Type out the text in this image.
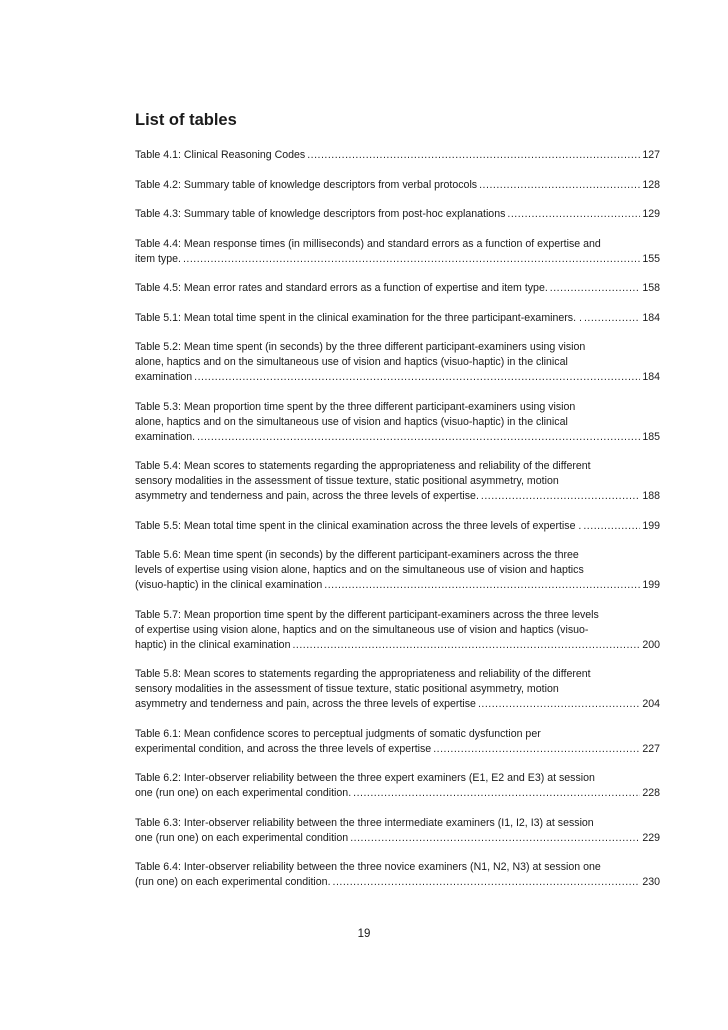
List of tables
Table 4.1: Clinical Reasoning Codes .....	127
Table 4.2: Summary table of knowledge descriptors from verbal protocols .....	128
Table 4.3: Summary table of knowledge descriptors from post-hoc explanations .....	129
Table 4.4: Mean response times (in milliseconds) and standard errors as a function of expertise and
item type. .....	155
Table 4.5: Mean error rates and standard errors as a function of expertise and item type. .....	158
Table 5.1: Mean total time spent in the clinical examination for the three participant-examiners. . .....	184
Table 5.2: Mean time spent (in seconds) by the three different participant-examiners using vision
alone, haptics and on the simultaneous use of vision and haptics (visuo-haptic) in the clinical
examination .....	184
Table 5.3: Mean proportion time spent by the three different participant-examiners using vision
alone, haptics and on the simultaneous use of vision and haptics (visuo-haptic) in the clinical
examination. .....	185
Table 5.4: Mean scores to statements regarding the appropriateness and reliability of the different
sensory modalities in the assessment of tissue texture, static positional asymmetry, motion
asymmetry and tenderness and pain, across the three levels of expertise. .....	188
Table 5.5: Mean total time spent in the clinical examination across the three levels of expertise . .....	199
Table 5.6: Mean time spent (in seconds) by the different participant-examiners across the three
levels of expertise using vision alone, haptics and on the simultaneous use of vision and haptics
(visuo-haptic) in the clinical examination .....	199
Table 5.7: Mean proportion time spent by the different participant-examiners across the three levels
of expertise using vision alone, haptics and on the simultaneous use of vision and haptics (visuo-
haptic) in the clinical examination .....	200
Table 5.8: Mean scores to statements regarding the appropriateness and reliability of the different
sensory modalities in the assessment of tissue texture, static positional asymmetry, motion
asymmetry and tenderness and pain, across the three levels of expertise .....	204
Table 6.1: Mean confidence scores to perceptual judgments of somatic dysfunction per
experimental condition, and across the three levels of expertise .....	227
Table 6.2: Inter-observer reliability between the three expert examiners (E1, E2 and E3) at session
one (run one) on each experimental condition. .....	228
Table 6.3: Inter-observer reliability between the three intermediate examiners (I1, I2, I3) at session
one (run one) on each experimental condition .....	229
Table 6.4: Inter-observer reliability between the three novice examiners (N1, N2, N3) at session one
(run one) on each experimental condition. .....	230

19
